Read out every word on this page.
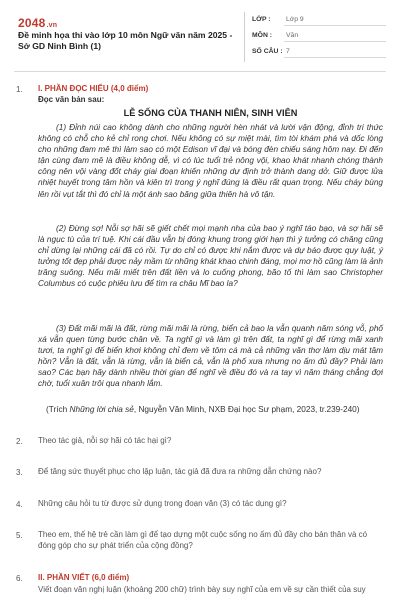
2048.vn
Đề minh họa thi vào lớp 10 môn Ngữ văn năm 2025 - Sở GD Ninh Bình (1)
LỚP : Lớp 9
MÔN : Văn
SỐ CÂU : 7
1. I. PHẦN ĐỌC HIỂU (4,0 điểm)
Đọc văn bản sau:
LỄ SỐNG CỦA THANH NIÊN, SINH VIÊN
(1) Đỉnh núi cao không dành cho những người hèn nhát và lười vận động, đỉnh tri thức không có chỗ cho kẻ chỉ rong chơi. Nếu không có sự miệt mài, tìm tòi khám phá và dốc lòng cho những đam mê thì làm sao có một Edison vĩ đại và bóng đèn chiếu sáng hôm nay. Đi đến tận cùng đam mê là điều không dễ, vì có lúc tuổi trẻ nông vội, khao khát nhanh chóng thành công nên vội vàng đốt cháy giai đoạn khiến những dự định trở thành dang dở. Giữ được lửa nhiệt huyết trong tâm hồn và kiên trì trong ý nghĩ đúng là điều rất quan trọng. Nếu cháy bùng lên rồi vụt tắt thì đó chỉ là một ánh sao băng giữa thiên hà vô tận.
(2) Đừng sợ! Nỗi sợ hãi sẽ giết chết mọi mạnh nha của bao ý nghĩ táo bạo, và sợ hãi sẽ là ngục tù của trí tuệ. Khi cái đầu vẫn bị đóng khung trong giới hạn thì ý tưởng có chăng cũng chỉ dừng lại những cái đã có rồi. Tự do chỉ có được khi nắm được và dự báo được quy luật, ý tưởng tốt đẹp phải được nảy mầm từ những khát khao chinh đáng, mọi mơ hồ cũng làm là ảnh trăng suông. Nếu mãi miết trên đất liền và lo cuống phong, bão tố thì làm sao Christopher Columbus có cuộc phiêu lưu để tìm ra châu Mĩ bao la?
(3) Đất mãi mãi là đất, rừng mãi mãi là rừng, biển cả bao la vẫn quanh năm sóng vỗ, phố xá vẫn quen từng bước chân về. Ta nghĩ gì và làm gì trên đất, ta nghĩ gì để rừng mãi xanh tươi, ta nghĩ gì để biển khơi không chỉ đem về tôm cá mà cả những văn thơ làm dịu mát tâm hồn? Vẫn là đất, vẫn là rừng, vẫn là biển cả, vẫn là phố xưa nhưng no ấm đủ đầy? Phải làm sao? Các bạn hãy dành nhiều thời gian để nghĩ về điều đó và ra tay vì năm tháng chẳng đợi chờ, tuổi xuân trôi qua nhanh lắm.
(Trích Những lời chia sẻ, Nguyễn Văn Minh, NXB Đại học Sư phạm, 2023, tr.239-240)
2. Theo tác giả, nỗi sợ hãi có tác hại gì?
3. Để tăng sức thuyết phục cho lập luận, tác giả đã đưa ra những dẫn chứng nào?
4. Những câu hỏi tu từ được sử dụng trong đoạn văn (3) có tác dụng gì?
5. Theo em, thế hệ trẻ cần làm gì để tạo dựng một cuộc sống no ấm đủ đầy cho bản thân và có đóng góp cho sự phát triển của cộng đồng?
6. II. PHẦN VIẾT (6,0 điểm)
Viết đoạn văn nghị luận (khoảng 200 chữ) trình bày suy nghĩ của em về sự cần thiết của suy
